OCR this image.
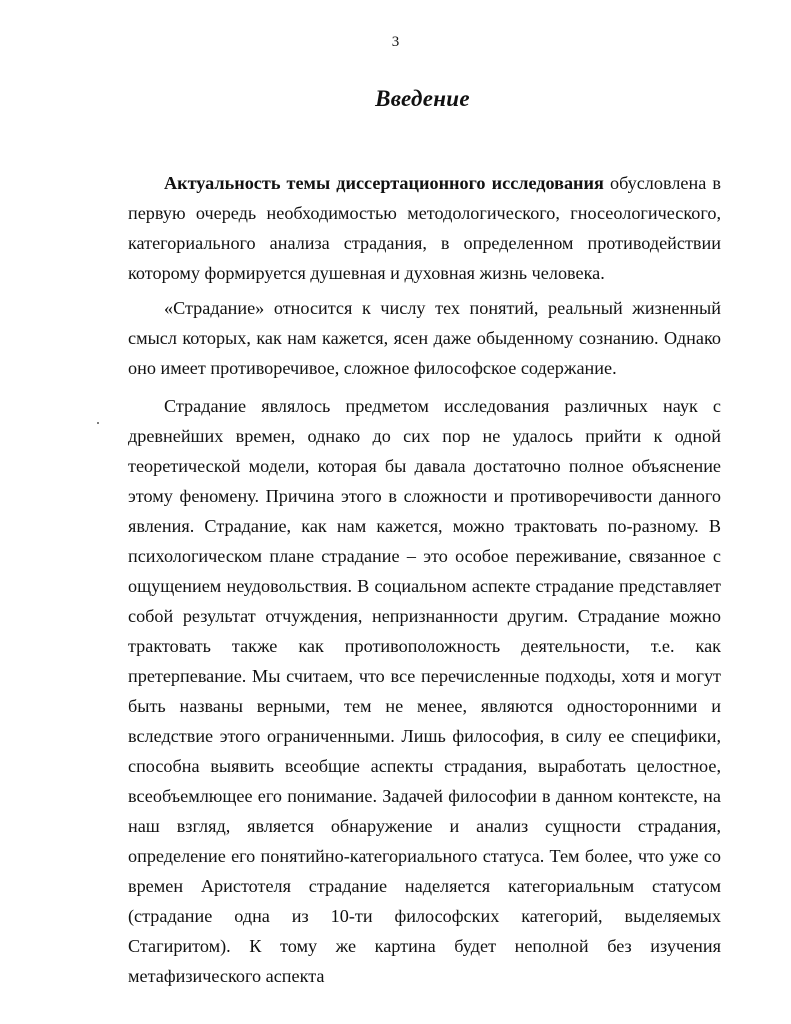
3
Введение

Актуальность темы диссертационного исследования обусловлена в первую очередь необходимостью методологического, гносеологического, категориального анализа страдания, в определенном противодействии которому формируется душевная и духовная жизнь человека.

«Страдание» относится к числу тех понятий, реальный жизненный смысл которых, как нам кажется, ясен даже обыденному сознанию. Однако оно имеет противоречивое, сложное философское содержание.

Страдание являлось предметом исследования различных наук с древнейших времен, однако до сих пор не удалось прийти к одной теоретической модели, которая бы давала достаточно полное объяснение этому феномену. Причина этого в сложности и противоречивости данного явления. Страдание, как нам кажется, можно трактовать по-разному. В психологическом плане страдание – это особое переживание, связанное с ощущением неудовольствия. В социальном аспекте страдание представляет собой результат отчуждения, непризнанности другим. Страдание можно трактовать также как противоположность деятельности, т.е. как претерпевание. Мы считаем, что все перечисленные подходы, хотя и могут быть названы верными, тем не менее, являются односторонними и вследствие этого ограниченными. Лишь философия, в силу ее специфики, способна выявить всеобщие аспекты страдания, выработать целостное, всеобъемлющее его понимание. Задачей философии в данном контексте, на наш взгляд, является обнаружение и анализ сущности страдания, определение его понятийно-категориального статуса. Тем более, что уже со времен Аристотеля страдание наделяется категориальным статусом (страдание одна из 10-ти философских категорий, выделяемых Стагиритом). К тому же картина будет неполной без изучения метафизического аспекта
